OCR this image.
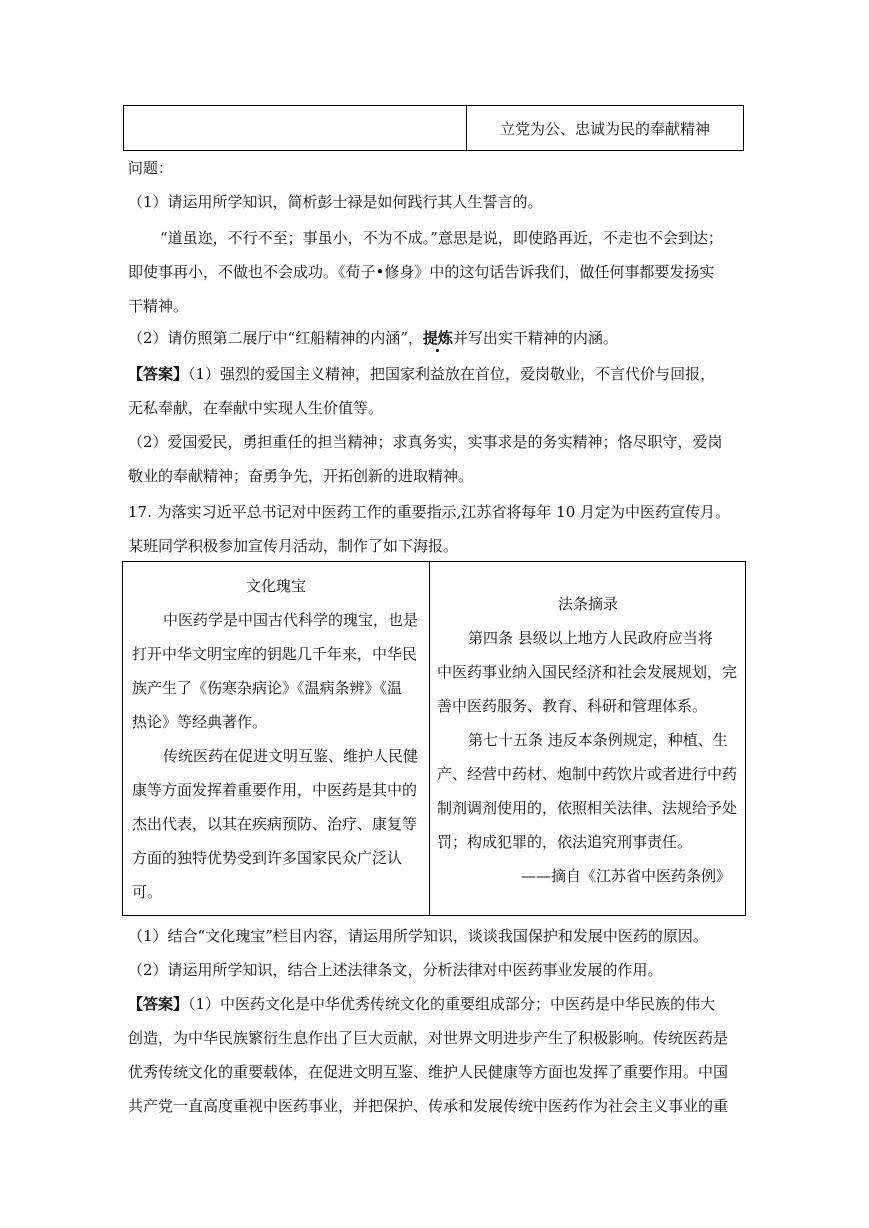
立党为公、忠诚为民的奉献精神
问题：
（1）请运用所学知识，简析彭士禄是如何践行其人生誓言的。
“道虽迩，不行不至；事虽小，不为不成。”意思是说，即使路再近，不走也不会到达；
即使事再小，不做也不会成功。《荀子•修身》中的这句话告诉我们，做任何事都要发扬实
干精神。
（2）请仿照第二展厅中“红船精神的内涵”，提炼并写出实干精神的内涵。
【答案】（1）强烈的爱国主义精神，把国家利益放在首位，爱岗敬业，不言代价与回报，
无私奉献，在奉献中实现人生价值等。
（2）爱国爱民，勇担重任的担当精神；求真务实，实事求是的务实精神；恪尽职守，爱岗
敬业的奉献精神；奋勇争先，开拓创新的进取精神。
17. 为落实习近平总书记对中医药工作的重要指示,江苏省将每年 10 月定为中医药宣传月。
某班同学积极参加宣传月活动，制作了如下海报。
文化瑰宝
中医药学是中国古代科学的瑰宝，也是
打开中华文明宝库的钥匙几千年来，中华民
族产生了《伤寒杂病论》《温病条辨》《温
热论》等经典著作。
传统医药在促进文明互鉴、维护人民健
康等方面发挥着重要作用，中医药是其中的
杰出代表，以其在疾病预防、治疗、康复等
方面的独特优势受到许多国家民众广泛认
可。
法条摘录
第四条 县级以上地方人民政府应当将
中医药事业纳入国民经济和社会发展规划，完
善中医药服务、教育、科研和管理体系。
第七十五条 违反本条例规定，种植、生
产、经营中药材、炮制中药饮片或者进行中药
制剂调剂使用的，依照相关法律、法规给予处
罚；构成犯罪的，依法追究刑事责任。
——摘自《江苏省中医药条例》
（1）结合“文化瑰宝”栏目内容，请运用所学知识，谈谈我国保护和发展中医药的原因。
（2）请运用所学知识，结合上述法律条文，分析法律对中医药事业发展的作用。
【答案】（1）中医药文化是中华优秀传统文化的重要组成部分；中医药是中华民族的伟大
创造，为中华民族繁衍生息作出了巨大贡献，对世界文明进步产生了积极影响。传统医药是
优秀传统文化的重要载体，在促进文明互鉴、维护人民健康等方面也发挥了重要作用。中国
共产党一直高度重视中医药事业，并把保护、传承和发展传统中医药作为社会主义事业的重
